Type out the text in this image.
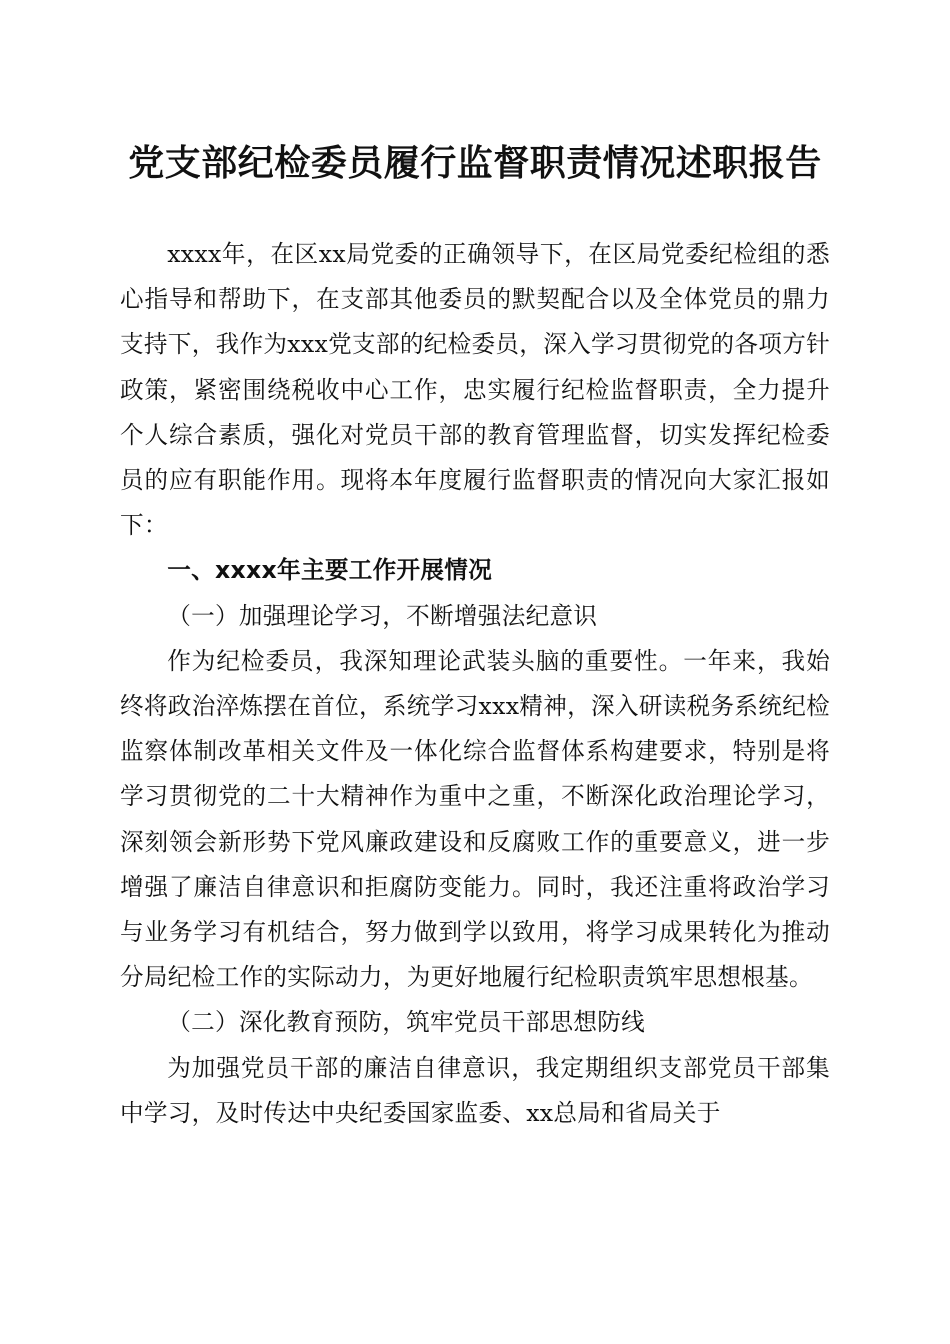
党支部纪检委员履行监督职责情况述职报告

xxxx年，在区xx局党委的正确领导下，在区局党委纪检组的悉心指导和帮助下，在支部其他委员的默契配合以及全体党员的鼎力支持下，我作为xxx党支部的纪检委员，深入学习贯彻党的各项方针政策，紧密围绕税收中心工作，忠实履行纪检监督职责，全力提升个人综合素质，强化对党员干部的教育管理监督，切实发挥纪检委员的应有职能作用。现将本年度履行监督职责的情况向大家汇报如下：

一、xxxx年主要工作开展情况
（一）加强理论学习，不断增强法纪意识

作为纪检委员，我深知理论武装头脑的重要性。一年来，我始终将政治淬炼摆在首位，系统学习xxx精神，深入研读税务系统纪检监察体制改革相关文件及一体化综合监督体系构建要求，特别是将学习贯彻党的二十大精神作为重中之重，不断深化政治理论学习，深刻领会新形势下党风廉政建设和反腐败工作的重要意义，进一步增强了廉洁自律意识和拒腐防变能力。同时，我还注重将政治学习与业务学习有机结合，努力做到学以致用，将学习成果转化为推动分局纪检工作的实际动力，为更好地履行纪检职责筑牢思想根基。

（二）深化教育预防，筑牢党员干部思想防线

为加强党员干部的廉洁自律意识，我定期组织支部党员干部集中学习，及时传达中央纪委国家监委、xx总局和省局关于
